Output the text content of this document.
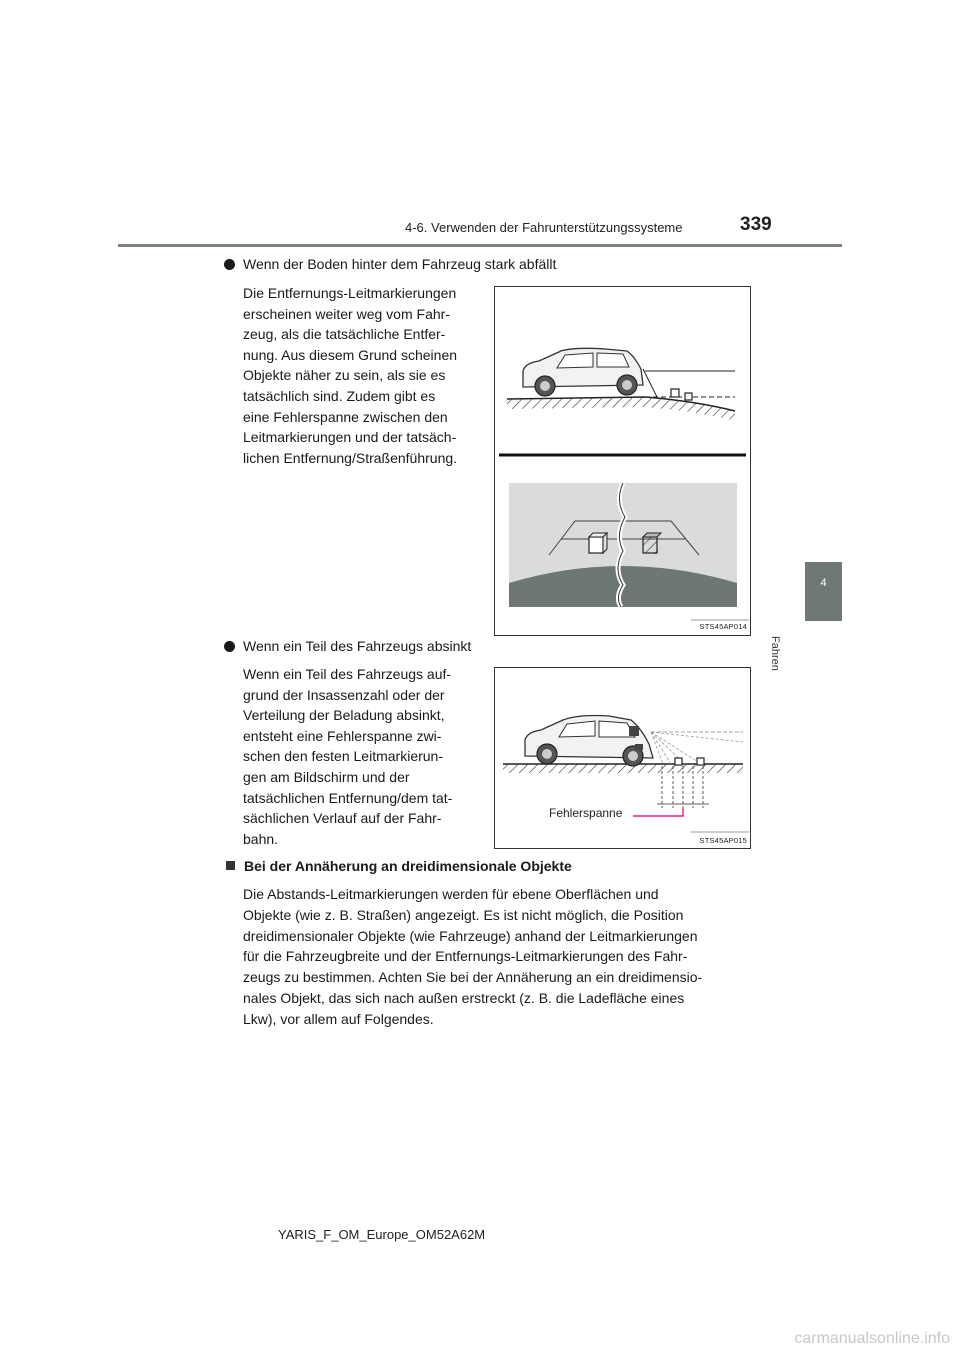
4-6. Verwenden der Fahrunterstützungssysteme	339
4
Fahren
Wenn der Boden hinter dem Fahrzeug stark abfällt
Die Entfernungs-Leitmarkierungen
erscheinen weiter weg vom Fahr-
zeug, als die tatsächliche Entfer-
nung. Aus diesem Grund scheinen
Objekte näher zu sein, als sie es
tatsächlich sind. Zudem gibt es
eine Fehlerspanne zwischen den
Leitmarkierungen und der tatsäch-
lichen Entfernung/Straßenführung.
STS45AP014
Wenn ein Teil des Fahrzeugs absinkt
Wenn ein Teil des Fahrzeugs auf-
grund der Insassenzahl oder der
Verteilung der Beladung absinkt,
entsteht eine Fehlerspanne zwi-
schen den festen Leitmarkierun-
gen am Bildschirm und der
tatsächlichen Entfernung/dem tat-
sächlichen Verlauf auf der Fahr-
bahn.
Fehlerspanne
STS45AP015
Bei der Annäherung an dreidimensionale Objekte
Die Abstands-Leitmarkierungen werden für ebene Oberflächen und
Objekte (wie z. B. Straßen) angezeigt. Es ist nicht möglich, die Position
dreidimensionaler Objekte (wie Fahrzeuge) anhand der Leitmarkierungen
für die Fahrzeugbreite und der Entfernungs-Leitmarkierungen des Fahr-
zeugs zu bestimmen. Achten Sie bei der Annäherung an ein dreidimensio-
nales Objekt, das sich nach außen erstreckt (z. B. die Ladefläche eines
Lkw), vor allem auf Folgendes.
YARIS_F_OM_Europe_OM52A62M
carmanualsonline.info
